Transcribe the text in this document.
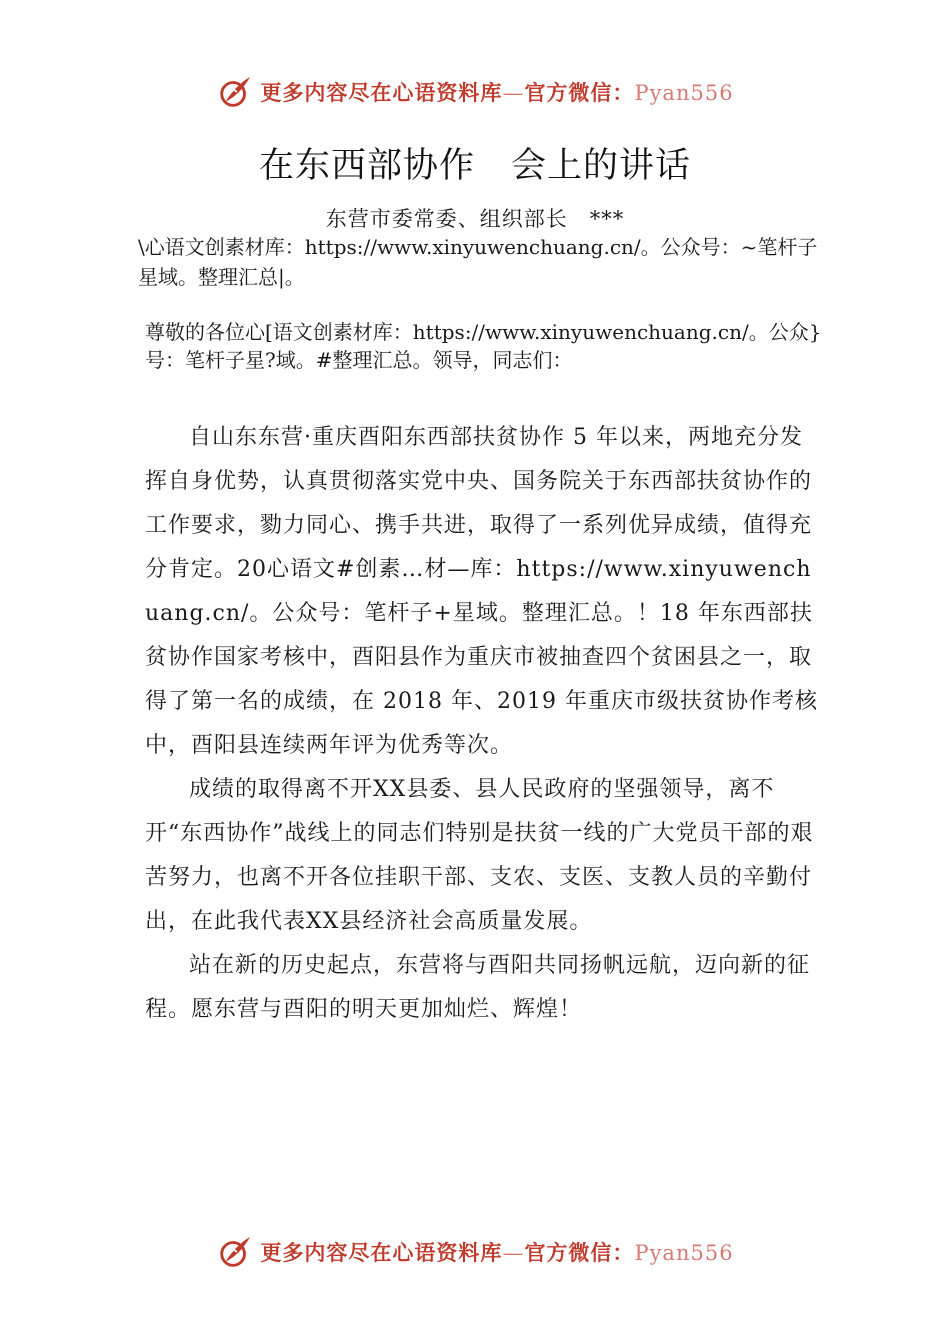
更多内容尽在心语资料库—官方微信：Pyan556
在东西部协作　会上的讲话
东营市委常委、组织部长　***
\心语文创素材库：https://www.xinyuwenchuang.cn/。公众号：~笔杆子星域。整理汇总|。
尊敬的各位心[语文创素材库：https://www.xinyuwenchuang.cn/。公众}号：笔杆子星?域。#整理汇总。领导，同志们：

自山东东营·重庆酉阳东西部扶贫协作 5 年以来，两地充分发挥自身优势，认真贯彻落实党中央、国务院关于东西部扶贫协作的工作要求，勠力同心、携手共进，取得了一系列优异成绩，值得充分肯定。20心语文#创素…材—库：https://www.xinyuwenchuang.cn/。公众号：笔杆子+星域。整理汇总。！18 年东西部扶贫协作国家考核中，酉阳县作为重庆市被抽查四个贫困县之一，取得了第一名的成绩，在 2018 年、2019 年重庆市级扶贫协作考核中，酉阳县连续两年评为优秀等次。

成绩的取得离不开XX县委、县人民政府的坚强领导，离不开“东西协作”战线上的同志们特别是扶贫一线的广大党员干部的艰苦努力，也离不开各位挂职干部、支农、支医、支教人员的辛勤付出，在此我代表XX县经济社会高质量发展。

站在新的历史起点，东营将与酉阳共同扬帆远航，迈向新的征程。愿东营与酉阳的明天更加灿烂、辉煌！

更多内容尽在心语资料库—官方微信：Pyan556
